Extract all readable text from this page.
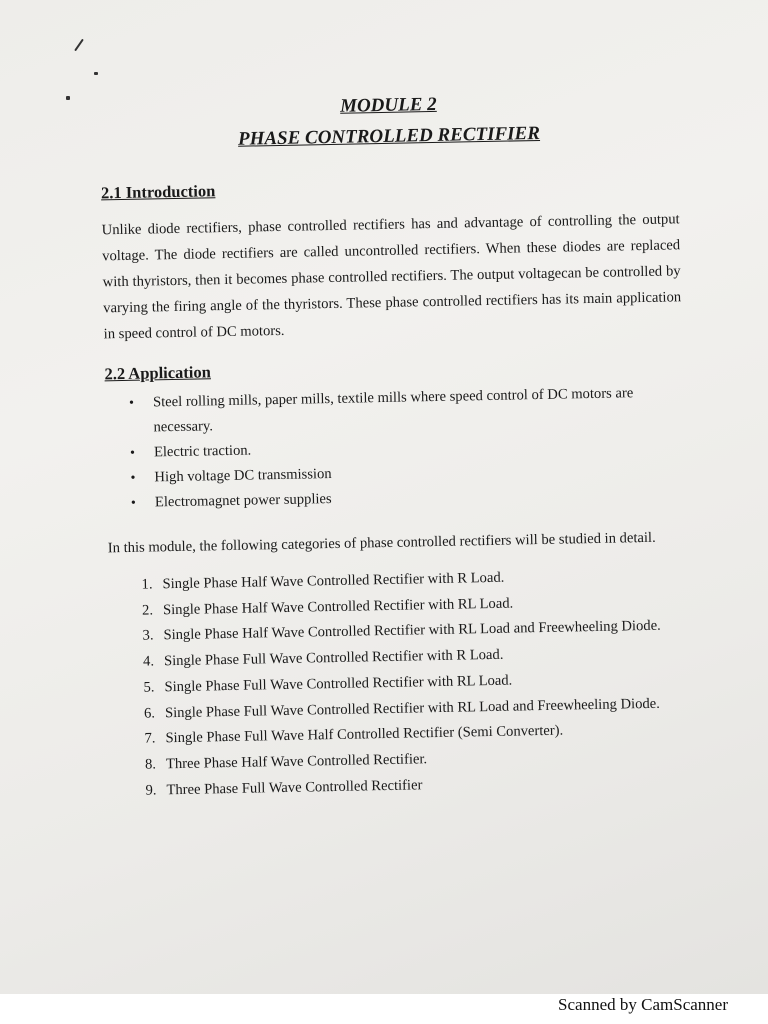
MODULE 2
PHASE CONTROLLED RECTIFIER
2.1 Introduction
Unlike diode rectifiers, phase controlled rectifiers has and advantage of controlling the output voltage. The diode rectifiers are called uncontrolled rectifiers. When these diodes are replaced with thyristors, then it becomes phase controlled rectifiers. The output voltagecan be controlled by varying the firing angle of the thyristors. These phase controlled rectifiers has its main application in speed control of DC motors.
2.2 Application
• Steel rolling mills, paper mills, textile mills where speed control of DC motors are necessary.
• Electric traction.
• High voltage DC transmission
• Electromagnet power supplies
In this module, the following categories of phase controlled rectifiers will be studied in detail.
1. Single Phase Half Wave Controlled Rectifier with R Load.
2. Single Phase Half Wave Controlled Rectifier with RL Load.
3. Single Phase Half Wave Controlled Rectifier with RL Load and Freewheeling Diode.
4. Single Phase Full Wave Controlled Rectifier with R Load.
5. Single Phase Full Wave Controlled Rectifier with RL Load.
6. Single Phase Full Wave Controlled Rectifier with RL Load and Freewheeling Diode.
7. Single Phase Full Wave Half Controlled Rectifier (Semi Converter).
8. Three Phase Half Wave Controlled Rectifier.
9. Three Phase Full Wave Controlled Rectifier
Scanned by CamScanner
